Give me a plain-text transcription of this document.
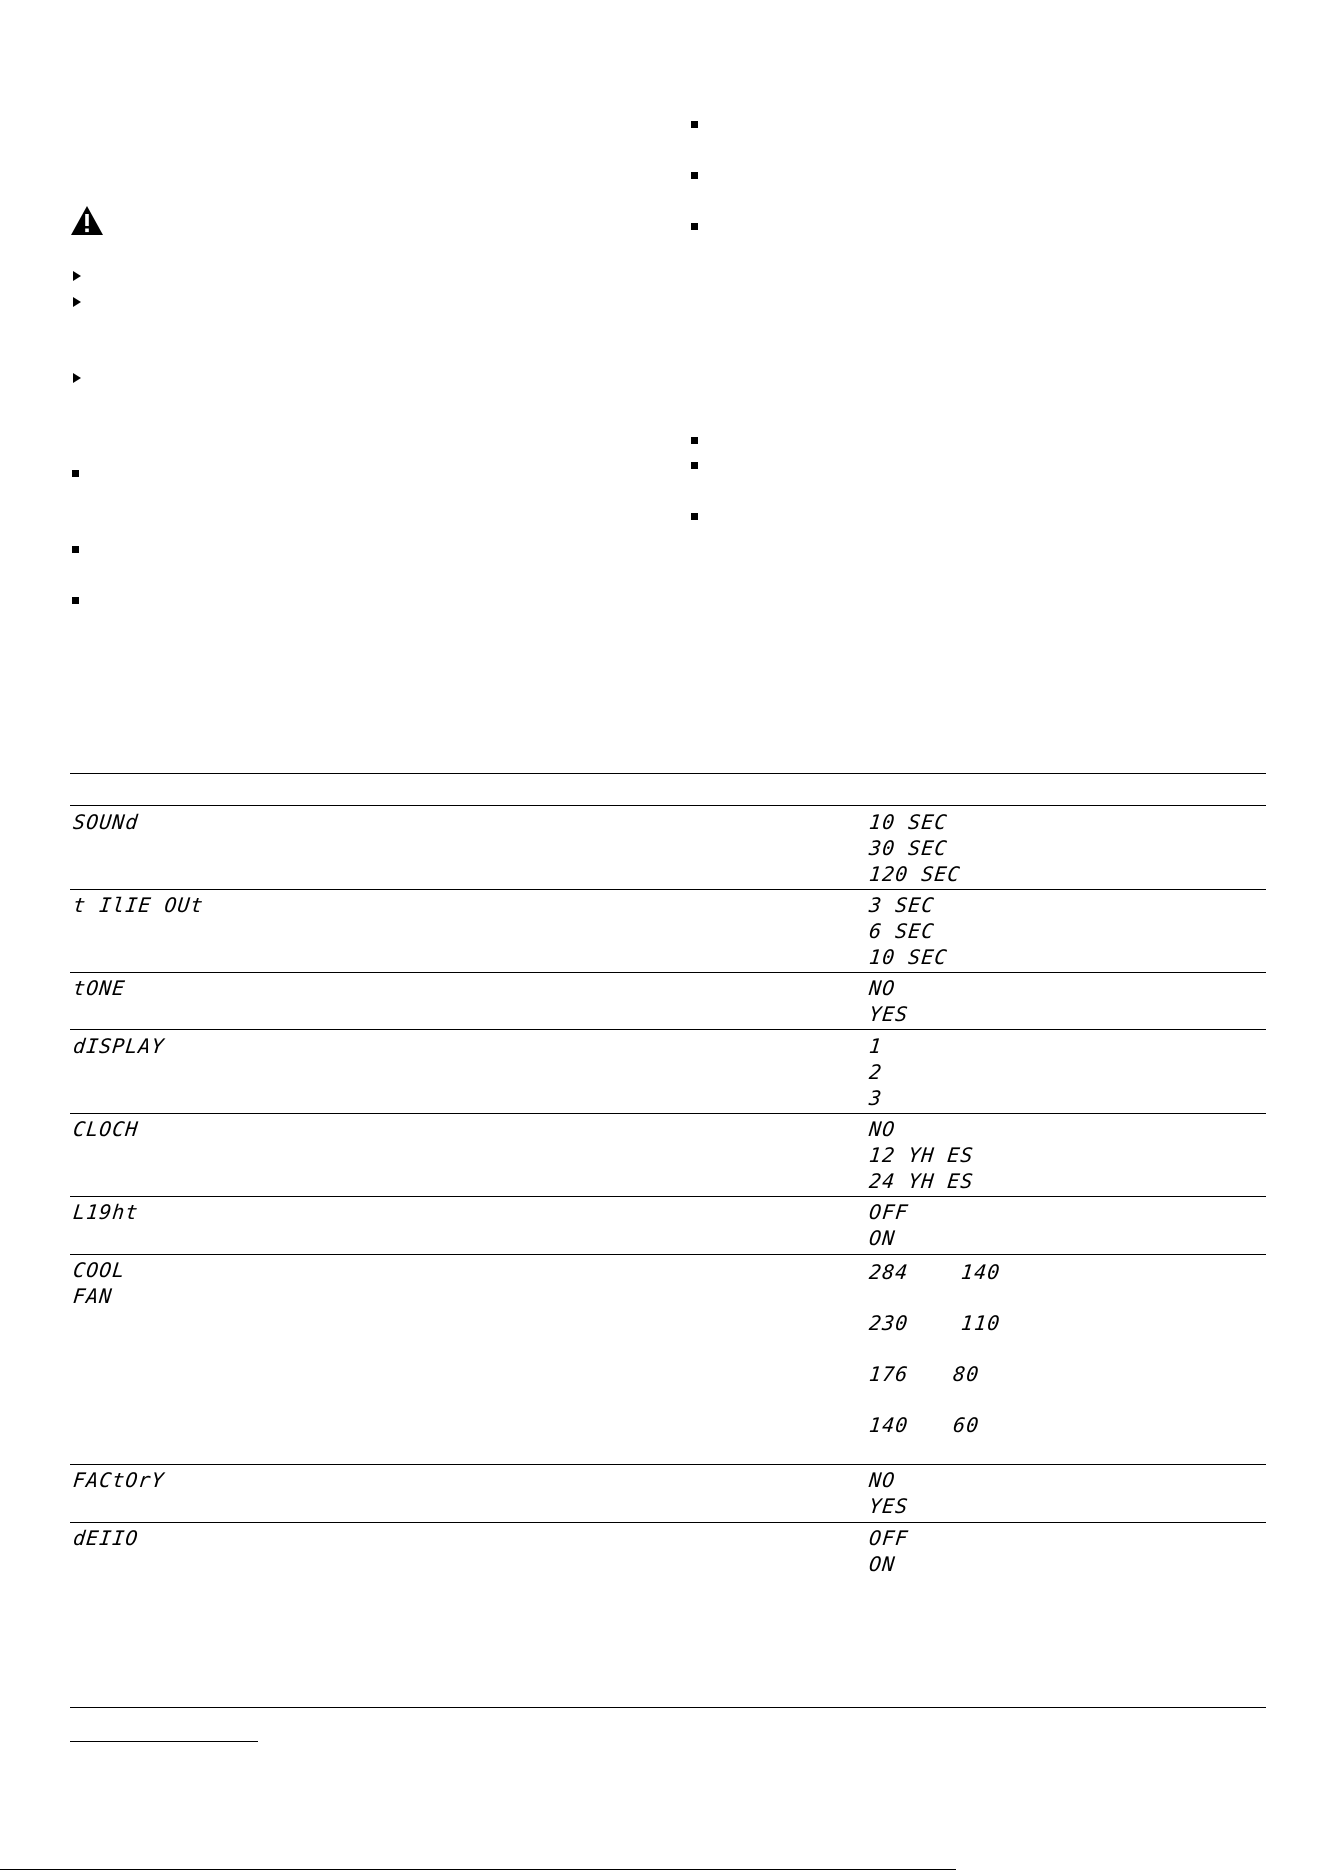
SOUNd	10 SEC
30 SEC
120 SEC
t IlIE OUt	3 SEC
6 SEC
10 SEC
tONE	NO
YES
dISPLAY	1
2
3
CLOCH	NO
12 YH ES
24 YH ES
L19ht	OFF
ON
COOL
FAN
284	140
230	110
176 80
140 60
FACtOrY	NO
YES
dEIIO	OFF
ON
